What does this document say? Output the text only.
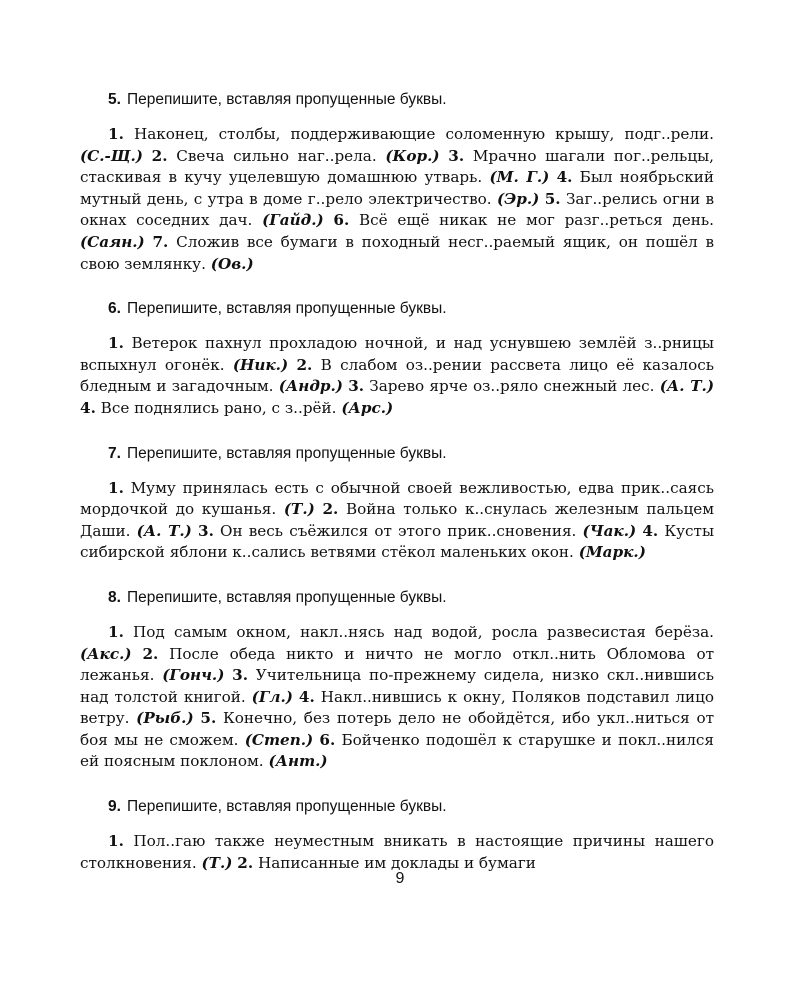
5. Перепишите, вставляя пропущенные буквы.

1. Наконец, столбы, поддерживающие соломенную крышу, подг..рели. (С.-Щ.) 2. Свеча сильно наг..рела. (Кор.) 3. Мрачно шагали пог..рельцы, стаскивая в кучу уцелевшую домашнюю утварь. (М. Г.) 4. Был ноябрьский мутный день, с утра в доме г..рело электричество. (Эр.) 5. Заг..релись огни в окнах соседних дач. (Гайд.) 6. Всё ещё никак не мог разг..реться день. (Саян.) 7. Сложив все бумаги в походный несг..раемый ящик, он пошёл в свою землянку. (Ов.)

6. Перепишите, вставляя пропущенные буквы.

1. Ветерок пахнул прохладою ночной, и над уснувшею землёй з..рницы вспыхнул огонёк. (Ник.) 2. В слабом оз..рении рассвета лицо её казалось бледным и загадочным. (Андр.) 3. Зарево ярче оз..ряло снежный лес. (А. Т.) 4. Все поднялись рано, с з..рёй. (Арс.)

7. Перепишите, вставляя пропущенные буквы.

1. Муму принялась есть с обычной своей вежливостью, едва прик..саясь мордочкой до кушанья. (Т.) 2. Война только к..снулась железным пальцем Даши. (А. Т.) 3. Он весь съёжился от этого прик..сновения. (Чак.) 4. Кусты сибирской яблони к..сались ветвями стёкол маленьких окон. (Марк.)

8. Перепишите, вставляя пропущенные буквы.

1. Под самым окном, накл..нясь над водой, росла развесистая берёза. (Акс.) 2. После обеда никто и ничто не могло откл..нить Обломова от лежанья. (Гонч.) 3. Учительница по-прежнему сидела, низко скл..нившись над толстой книгой. (Гл.) 4. Накл..нившись к окну, Поляков подставил лицо ветру. (Рыб.) 5. Конечно, без потерь дело не обойдётся, ибо укл..ниться от боя мы не сможем. (Степ.) 6. Бойченко подошёл к старушке и покл..нился ей поясным поклоном. (Ант.)

9. Перепишите, вставляя пропущенные буквы.

1. Пол..гаю также неуместным вникать в настоящие причины нашего столкновения. (Т.) 2. Написанные им доклады и бумаги

9
